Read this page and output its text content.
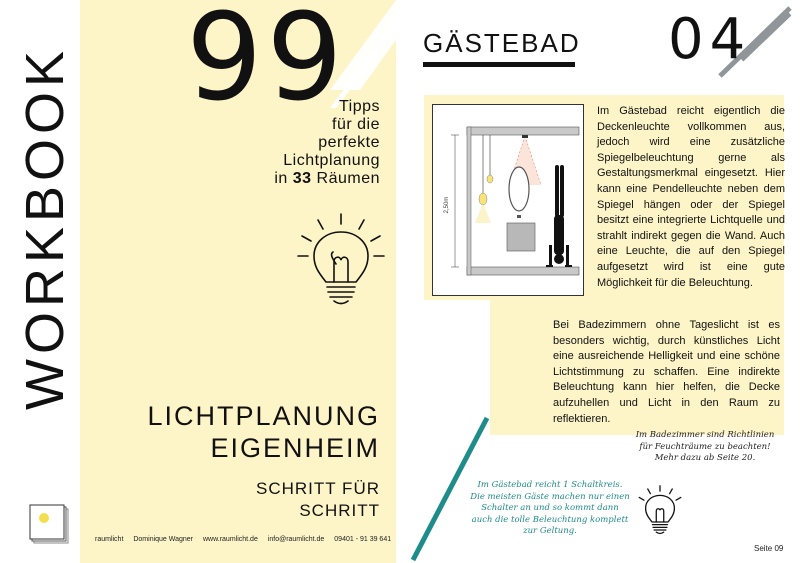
WORKBOOK 99
Tipps
für die
perfekte
Lichtplanung
in 33 Räumen
LICHTPLANUNG
EIGENHEIM
SCHRITT FÜR
SCHRITT
raumlicht Dominique Wagner www.raumlicht.de info@raumlicht.de 09401 - 91 39 641
GÄSTEBAD 04
2,50m
Im Gästebad reicht eigentlich die Deckenleuchte vollkommen aus, jedoch wird eine zusätzliche Spiegelbeleuchtung gerne als Gestaltungsmerkmal eingesetzt. Hier kann eine Pendelleuchte neben dem Spiegel hängen oder der Spiegel besitzt eine integrierte Lichtquelle und strahlt indirekt gegen die Wand. Auch eine Leuchte, die auf den Spiegel aufgesetzt wird ist eine gute Möglichkeit für die Beleuchtung.
Bei Badezimmern ohne Tageslicht ist es besonders wichtig, durch künstliches Licht eine ausreichende Helligkeit und eine schöne Lichtstimmung zu schaffen. Eine indirekte Beleuchtung kann hier helfen, die Decke aufzuhellen und Licht in den Raum zu reflektieren.
Im Badezimmer sind Richtlinien für Feuchträume zu beachten! Mehr dazu ab Seite 20.
Im Gästebad reicht 1 Schaltkreis. Die meisten Gäste machen nur einen Schalter an und so kommt dann auch die tolle Beleuchtung komplett zur Geltung.
Seite 09
